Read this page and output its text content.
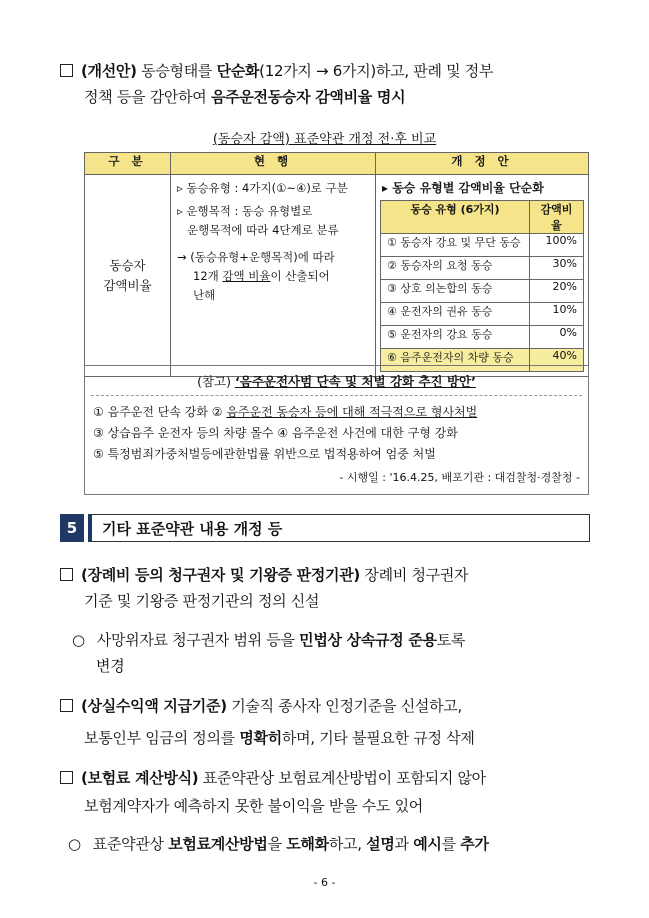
(개선안) 동승형태를 단순화(12가지 → 6가지)하고, 판례 및 정부
정책 등을 감안하여 음주운전동승자 감액비율 명시
(동승자 감액) 표준약관 개정 전·후 비교
구 분	현 행	개 정 안

동승자
감액비율

▹ 동승유형 : 4가지(①~④)로 구분
▹ 운행목적 : 동승 유형별로
운행목적에 따라 4단계로 분류
→ (동승유형+운행목적)에 따라
12개 감액 비율이 산출되어
난해

▸ 동승 유형별 감액비율 단순화
동승 유형 (6가지)	감액비율
① 동승자 강요 및 무단 동승	100%
② 동승자의 요청 동승	30%
③ 상호 의논합의 동승	20%
④ 운전자의 권유 동승	10%
⑤ 운전자의 강요 동승	0%
⑥ 음주운전자의 차량 동승	40%
(참고) ‘음주운전사범 단속 및 처벌 강화 추진 방안’
① 음주운전 단속 강화 ② 음주운전 동승자 등에 대해 적극적으로 형사처벌
③ 상습음주 운전자 등의 차량 몰수 ④ 음주운전 사건에 대한 구형 강화
⑤ 특정범죄가중처벌등에관한법률 위반으로 법적용하여 엄중 처벌
- 시행일 : '16.4.25, 배포기관 : 대검찰청·경찰청 -
5	기타 표준약관 내용 개정 등
(장례비 등의 청구권자 및 기왕증 판정기관) 장례비 청구권자
기준 및 기왕증 판정기관의 정의 신설
○ 사망위자료 청구권자 범위 등을 민법상 상속규정 준용토록
변경
(상실수익액 지급기준) 기술직 종사자 인정기준을 신설하고,
보통인부 임금의 정의를 명확히하며, 기타 불필요한 규정 삭제
(보험료 계산방식) 표준약관상 보험료계산방법이 포함되지 않아
보험계약자가 예측하지 못한 불이익을 받을 수도 있어
○ 표준약관상 보험료계산방법을 도해화하고, 설명과 예시를 추가
- 6 -
